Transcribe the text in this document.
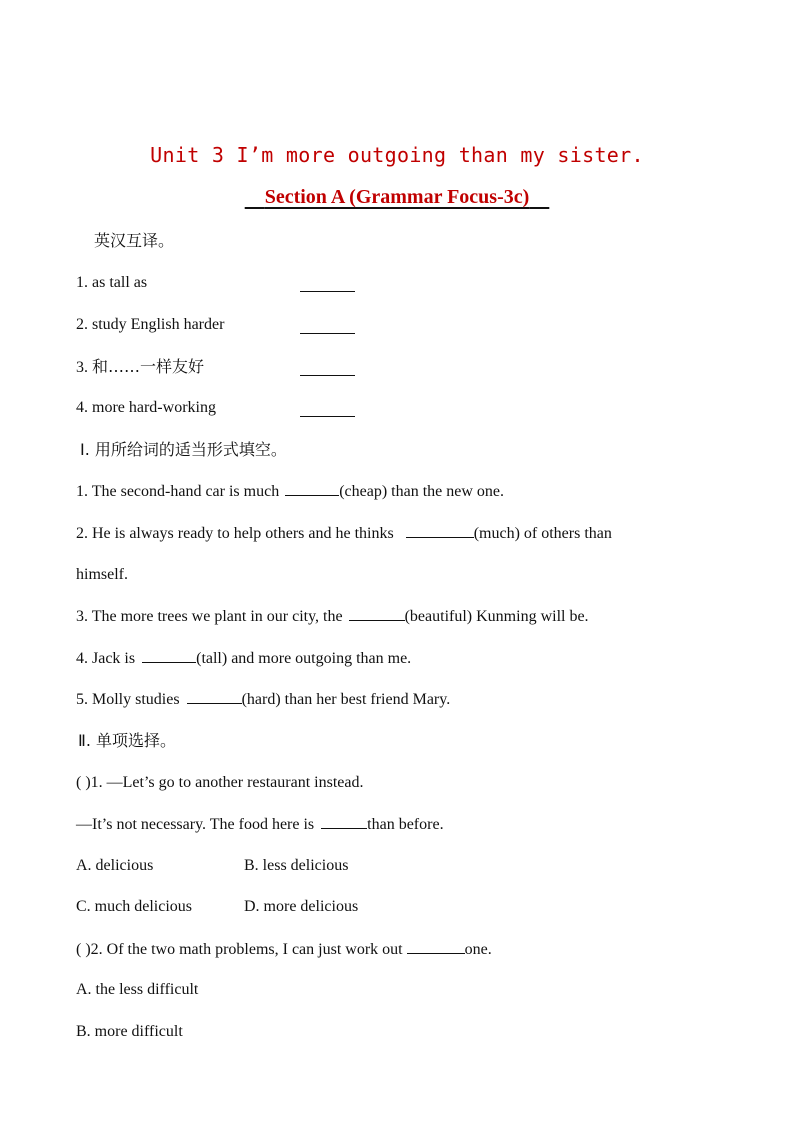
Unit 3 I’m more outgoing than my sister.
Section A (Grammar Focus-3c)
英汉互译。
1. as tall as
2. study English harder
3. 和……一样友好
4. more hard-working
Ⅰ. 用所给词的适当形式填空。
1. The second-hand car is much	(cheap) than the new one.
2. He is always ready to help others and he thinks	(much) of others than
himself.
3. The more trees we plant in our city, the	(beautiful) Kunming will be.
4. Jack is	(tall) and more outgoing than me.
5. Molly studies	(hard) than her best friend Mary.
Ⅱ. 单项选择。
( )1. —Let’s go to another restaurant instead.
—It’s not necessary. The food here is	than before.
A. delicious	B. less delicious
C. much delicious	D. more delicious
( )2. Of the two math problems, I can just work out	one.
A. the less difficult
B. more difficult
